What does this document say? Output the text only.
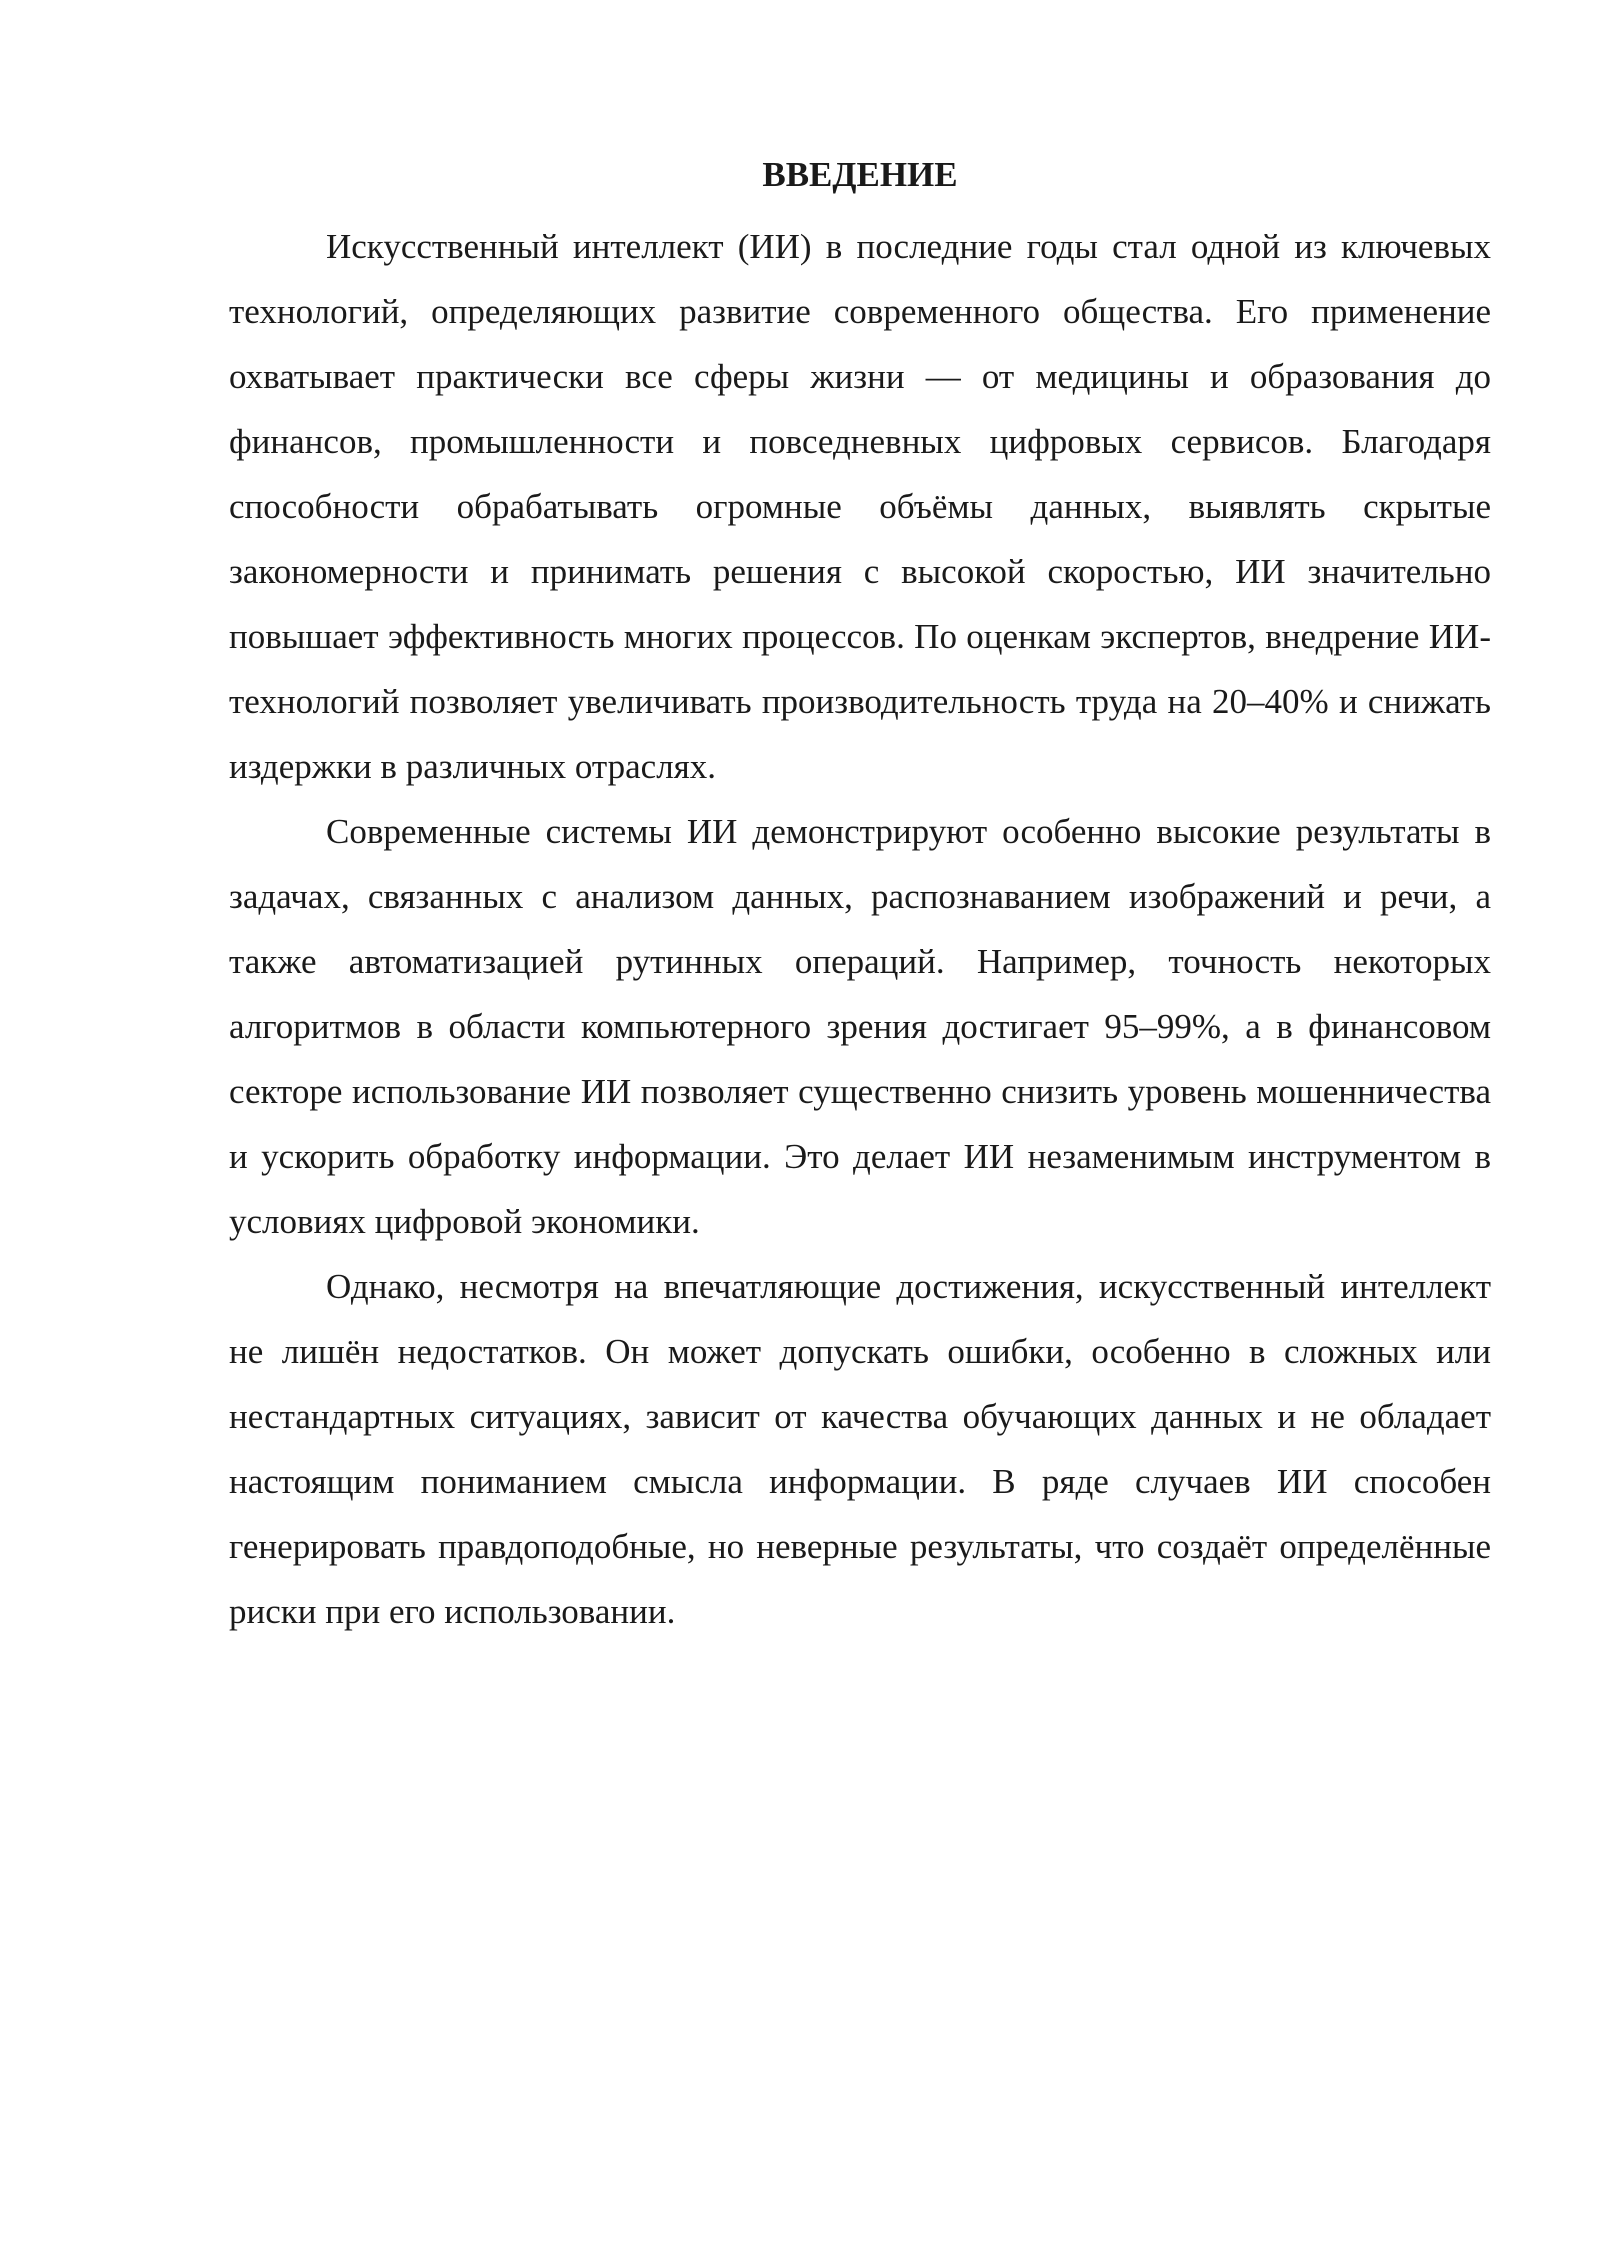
ВВЕДЕНИЕ

Искусственный интеллект (ИИ) в последние годы стал одной из ключевых технологий, определяющих развитие современного общества. Его применение охватывает практически все сферы жизни — от медицины и образования до финансов, промышленности и повседневных цифровых сервисов. Благодаря способности обрабатывать огромные объёмы данных, выявлять скрытые закономерности и принимать решения с высокой скоростью, ИИ значительно повышает эффективность многих процессов. По оценкам экспертов, внедрение ИИ-технологий позволяет увеличивать производительность труда на 20–40% и снижать издержки в различных отраслях.

Современные системы ИИ демонстрируют особенно высокие результаты в задачах, связанных с анализом данных, распознаванием изображений и речи, а также автоматизацией рутинных операций. Например, точность некоторых алгоритмов в области компьютерного зрения достигает 95–99%, а в финансовом секторе использование ИИ позволяет существенно снизить уровень мошенничества и ускорить обработку информации. Это делает ИИ незаменимым инструментом в условиях цифровой экономики.

Однако, несмотря на впечатляющие достижения, искусственный интеллект не лишён недостатков. Он может допускать ошибки, особенно в сложных или нестандартных ситуациях, зависит от качества обучающих данных и не обладает настоящим пониманием смысла информации. В ряде случаев ИИ способен генерировать правдоподобные, но неверные результаты, что создаёт определённые риски при его использовании.
